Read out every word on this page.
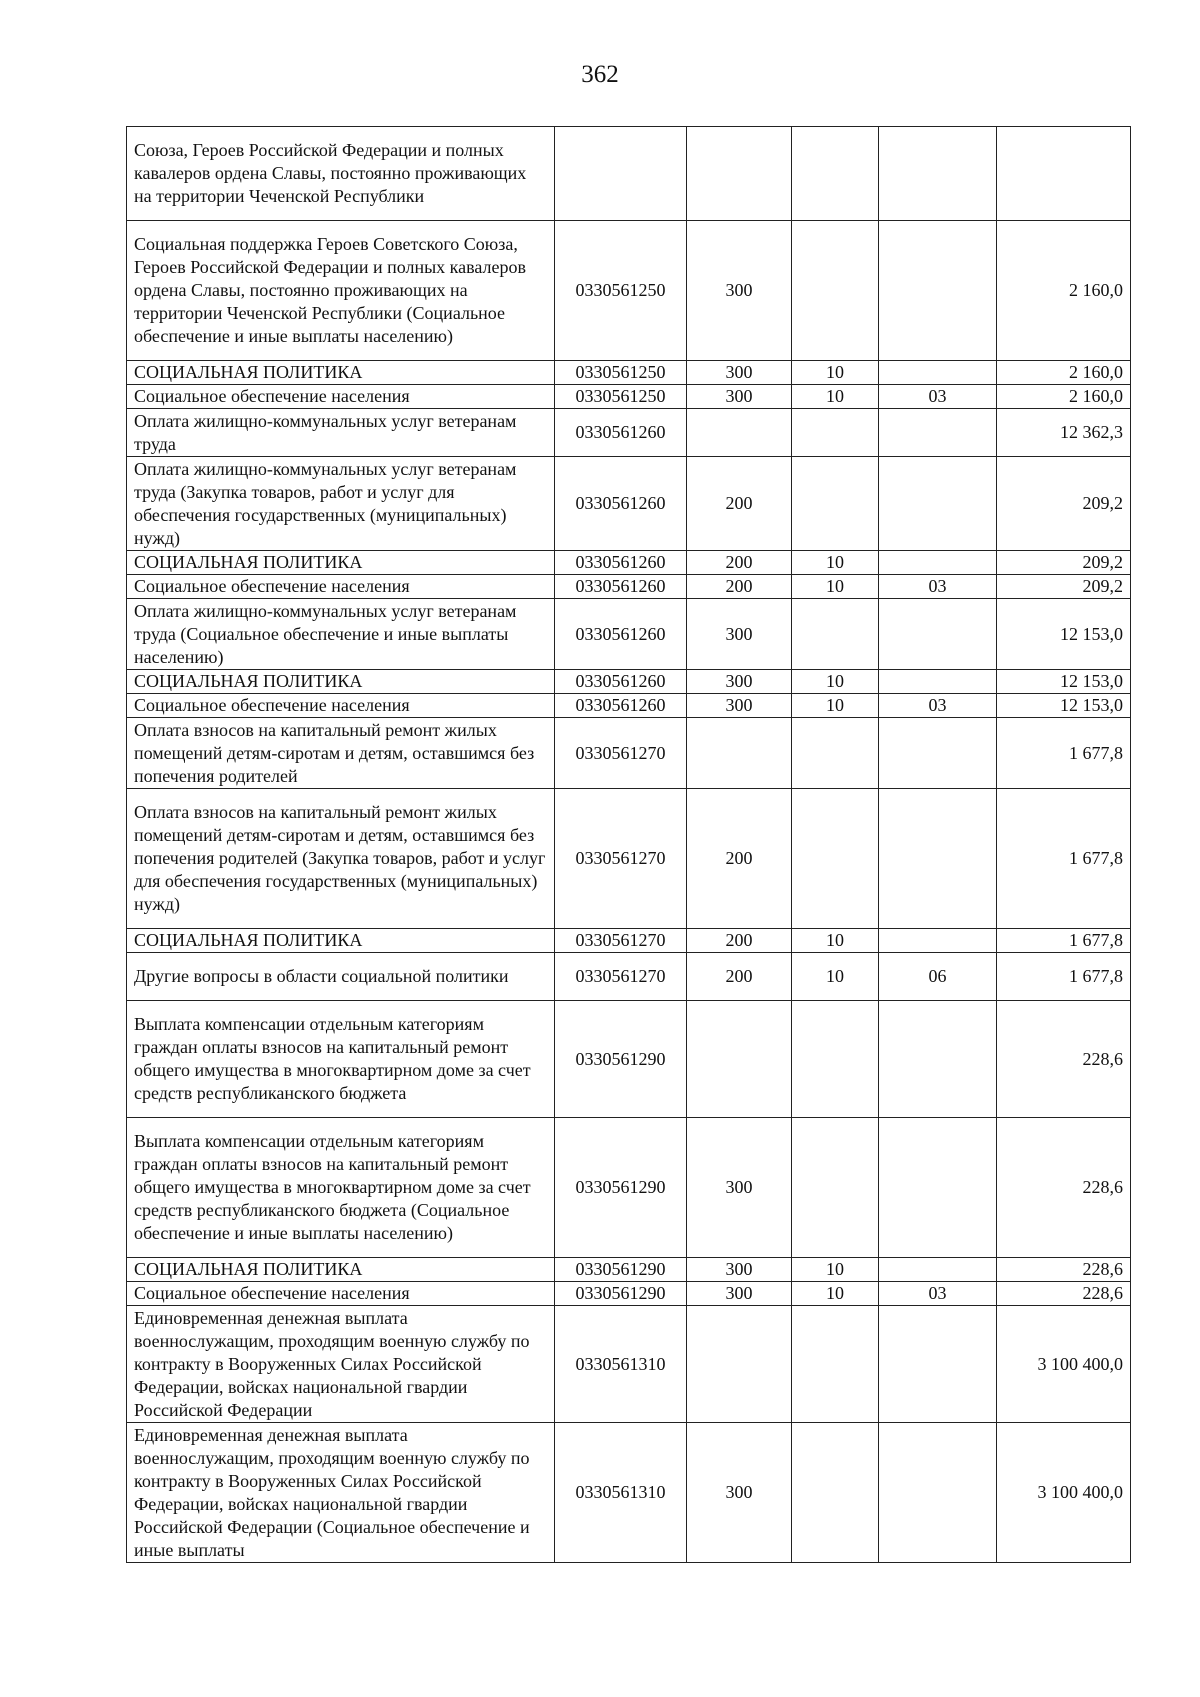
362
Союза, Героев Российской Федерации и полных кавалеров ордена Славы, постоянно проживающих на территории Чеченской Республики					
Социальная поддержка Героев Советского Союза, Героев Российской Федерации и полных кавалеров ордена Славы, постоянно проживающих на территории Чеченской Республики (Социальное обеспечение и иные выплаты населению)	0330561250	300			2 160,0
СОЦИАЛЬНАЯ ПОЛИТИКА	0330561250	300	10		2 160,0
Социальное обеспечение населения	0330561250	300	10	03	2 160,0
Оплата жилищно-коммунальных услуг ветеранам труда	0330561260				12 362,3
Оплата жилищно-коммунальных услуг ветеранам труда (Закупка товаров, работ и услуг для обеспечения государственных (муниципальных) нужд)	0330561260	200			209,2
СОЦИАЛЬНАЯ ПОЛИТИКА	0330561260	200	10		209,2
Социальное обеспечение населения	0330561260	200	10	03	209,2
Оплата жилищно-коммунальных услуг ветеранам труда (Социальное обеспечение и иные выплаты населению)	0330561260	300			12 153,0
СОЦИАЛЬНАЯ ПОЛИТИКА	0330561260	300	10		12 153,0
Социальное обеспечение населения	0330561260	300	10	03	12 153,0
Оплата взносов на капитальный ремонт жилых помещений детям-сиротам и детям, оставшимся без попечения родителей	0330561270				1 677,8
Оплата взносов на капитальный ремонт жилых помещений детям-сиротам и детям, оставшимся без попечения родителей (Закупка товаров, работ и услуг для обеспечения государственных (муниципальных) нужд)	0330561270	200			1 677,8
СОЦИАЛЬНАЯ ПОЛИТИКА	0330561270	200	10		1 677,8
Другие вопросы в области социальной политики	0330561270	200	10	06	1 677,8
Выплата компенсации отдельным категориям граждан оплаты взносов на капитальный ремонт общего имущества в многоквартирном доме за счет средств республиканского бюджета	0330561290				228,6
Выплата компенсации отдельным категориям граждан оплаты взносов на капитальный ремонт общего имущества в многоквартирном доме за счет средств республиканского бюджета (Социальное обеспечение и иные выплаты населению)	0330561290	300			228,6
СОЦИАЛЬНАЯ ПОЛИТИКА	0330561290	300	10		228,6
Социальное обеспечение населения	0330561290	300	10	03	228,6
Единовременная денежная выплата военнослужащим, проходящим военную службу по контракту в Вооруженных Силах Российской Федерации, войсках национальной гвардии Российской Федерации	0330561310				3 100 400,0
Единовременная денежная выплата военнослужащим, проходящим военную службу по контракту в Вооруженных Силах Российской Федерации, войсках национальной гвардии Российской Федерации (Социальное обеспечение и иные выплаты	0330561310	300			3 100 400,0
